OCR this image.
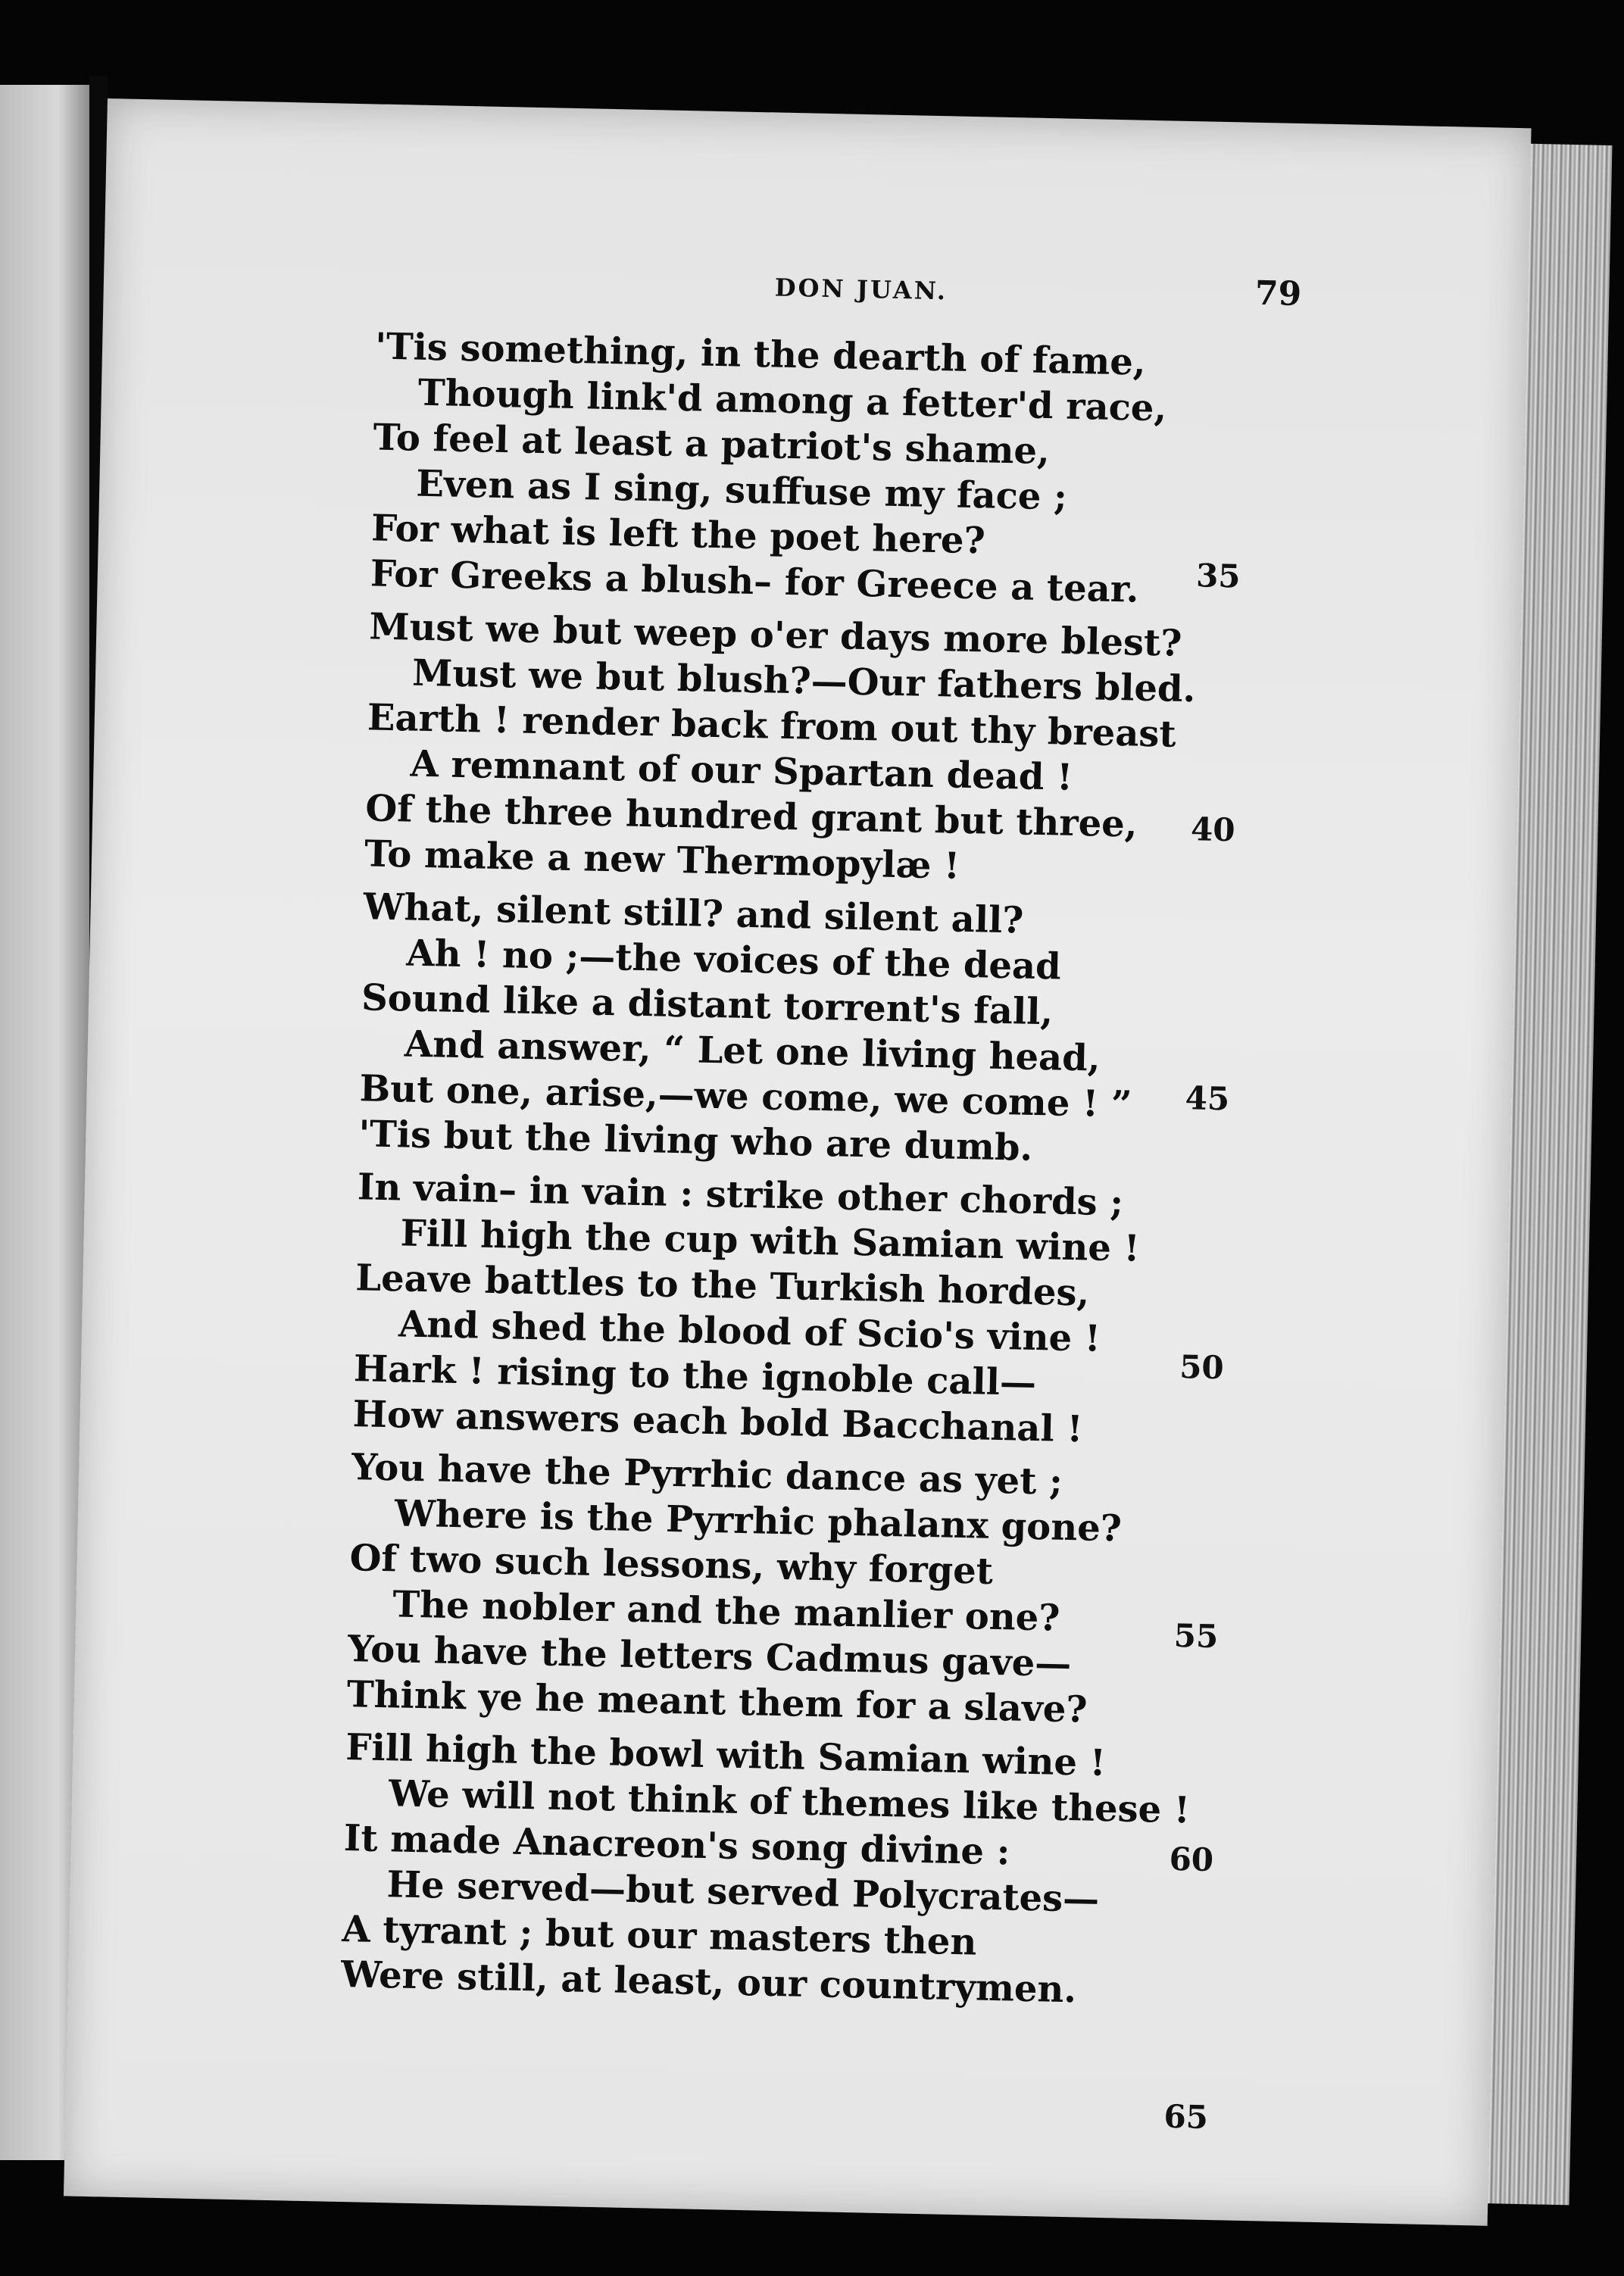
DON JUAN.	79
'Tis something, in the dearth of fame,
Though link'd among a fetter'd race,
To feel at least a patriot's shame,
Even as I sing, suffuse my face ;
For what is left the poet here?
For Greeks a blush– for Greece a tear.
Must we but weep o'er days more blest?
Must we but blush?—Our fathers bled.
Earth ! render back from out thy breast
A remnant of our Spartan dead !
Of the three hundred grant but three,
To make a new Thermopylæ !
What, silent still? and silent all?
Ah ! no ;—the voices of the dead
Sound like a distant torrent's fall,
And answer, “ Let one living head,
But one, arise,—we come, we come ! ”
'Tis but the living who are dumb.
In vain– in vain : strike other chords ;
Fill high the cup with Samian wine !
Leave battles to the Turkish hordes,
And shed the blood of Scio's vine !
Hark ! rising to the ignoble call—
How answers each bold Bacchanal !
You have the Pyrrhic dance as yet ;
Where is the Pyrrhic phalanx gone?
Of two such lessons, why forget
The nobler and the manlier one?
You have the letters Cadmus gave—
Think ye he meant them for a slave?
Fill high the bowl with Samian wine !
We will not think of themes like these !
It made Anacreon's song divine :
He served—but served Polycrates—
A tyrant ; but our masters then
Were still, at least, our countrymen.
35
40
45
50
55
60
65
